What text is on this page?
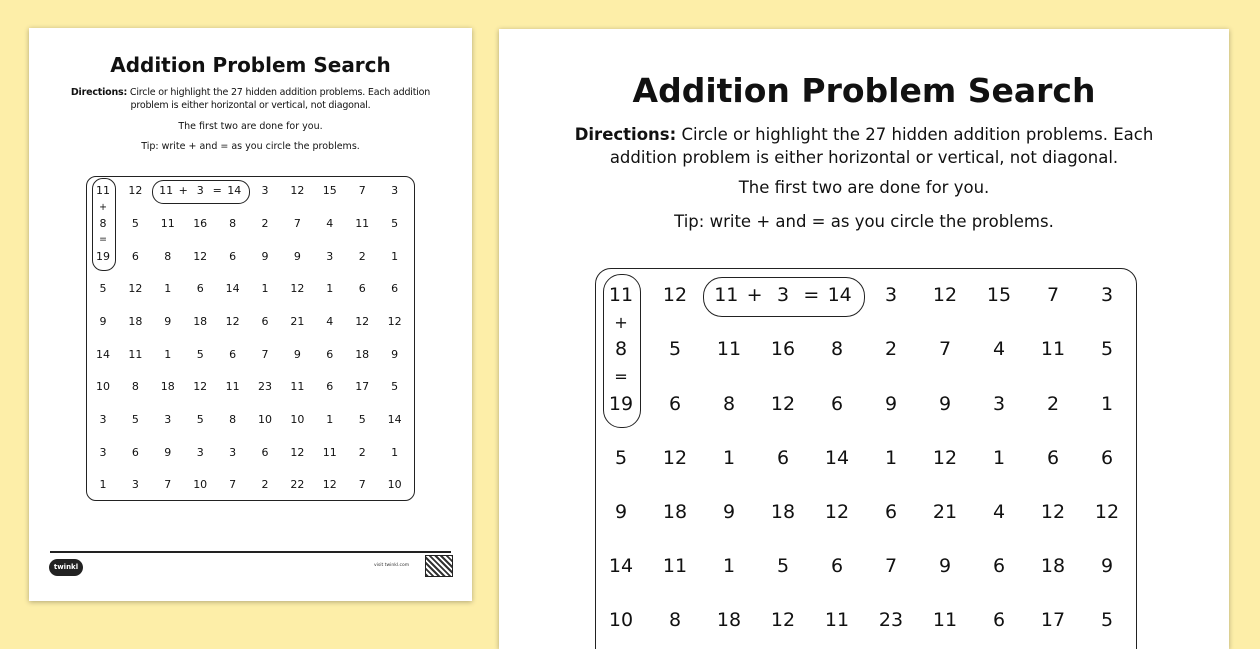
Addition Problem Search
Directions: Circle or highlight the 27 hidden addition problems. Each addition problem is either horizontal or vertical, not diagonal.
The first two are done for you.
Tip: write + and = as you circle the problems.
twinkl	visit twinkl.com
11	12	11 + 3 = 14	3	12	15	7	3
+
=
8	5	11	16	8	2	7	4	11	5
19	6	8	12	6	9	9	3	2	1
5	12	1	6	14	1	12	1	6	6
9	18	9	18	12	6	21	4	12	12
14	11	1	5	6	7	9	6	18	9
10	8	18	12	11	23	11	6	17	5
3	5	3	5	8	10	10	1	5	14
3	6	9	3	3	6	12	11	2	1
1	3	7	10	7	2	22	12	7	10
Addition Problem Search
Directions: Circle or highlight the 27 hidden addition problems. Each addition problem is either horizontal or vertical, not diagonal.
The first two are done for you.
Tip: write + and = as you circle the problems.
11	12	11 + 3 = 14	3	12	15	7	3
+
=
8	5	11	16	8	2	7	4	11	5
19	6	8	12	6	9	9	3	2	1
5	12	1	6	14	1	12	1	6	6
9	18	9	18	12	6	21	4	12	12
14	11	1	5	6	7	9	6	18	9
10	8	18	12	11	23	11	6	17	5
